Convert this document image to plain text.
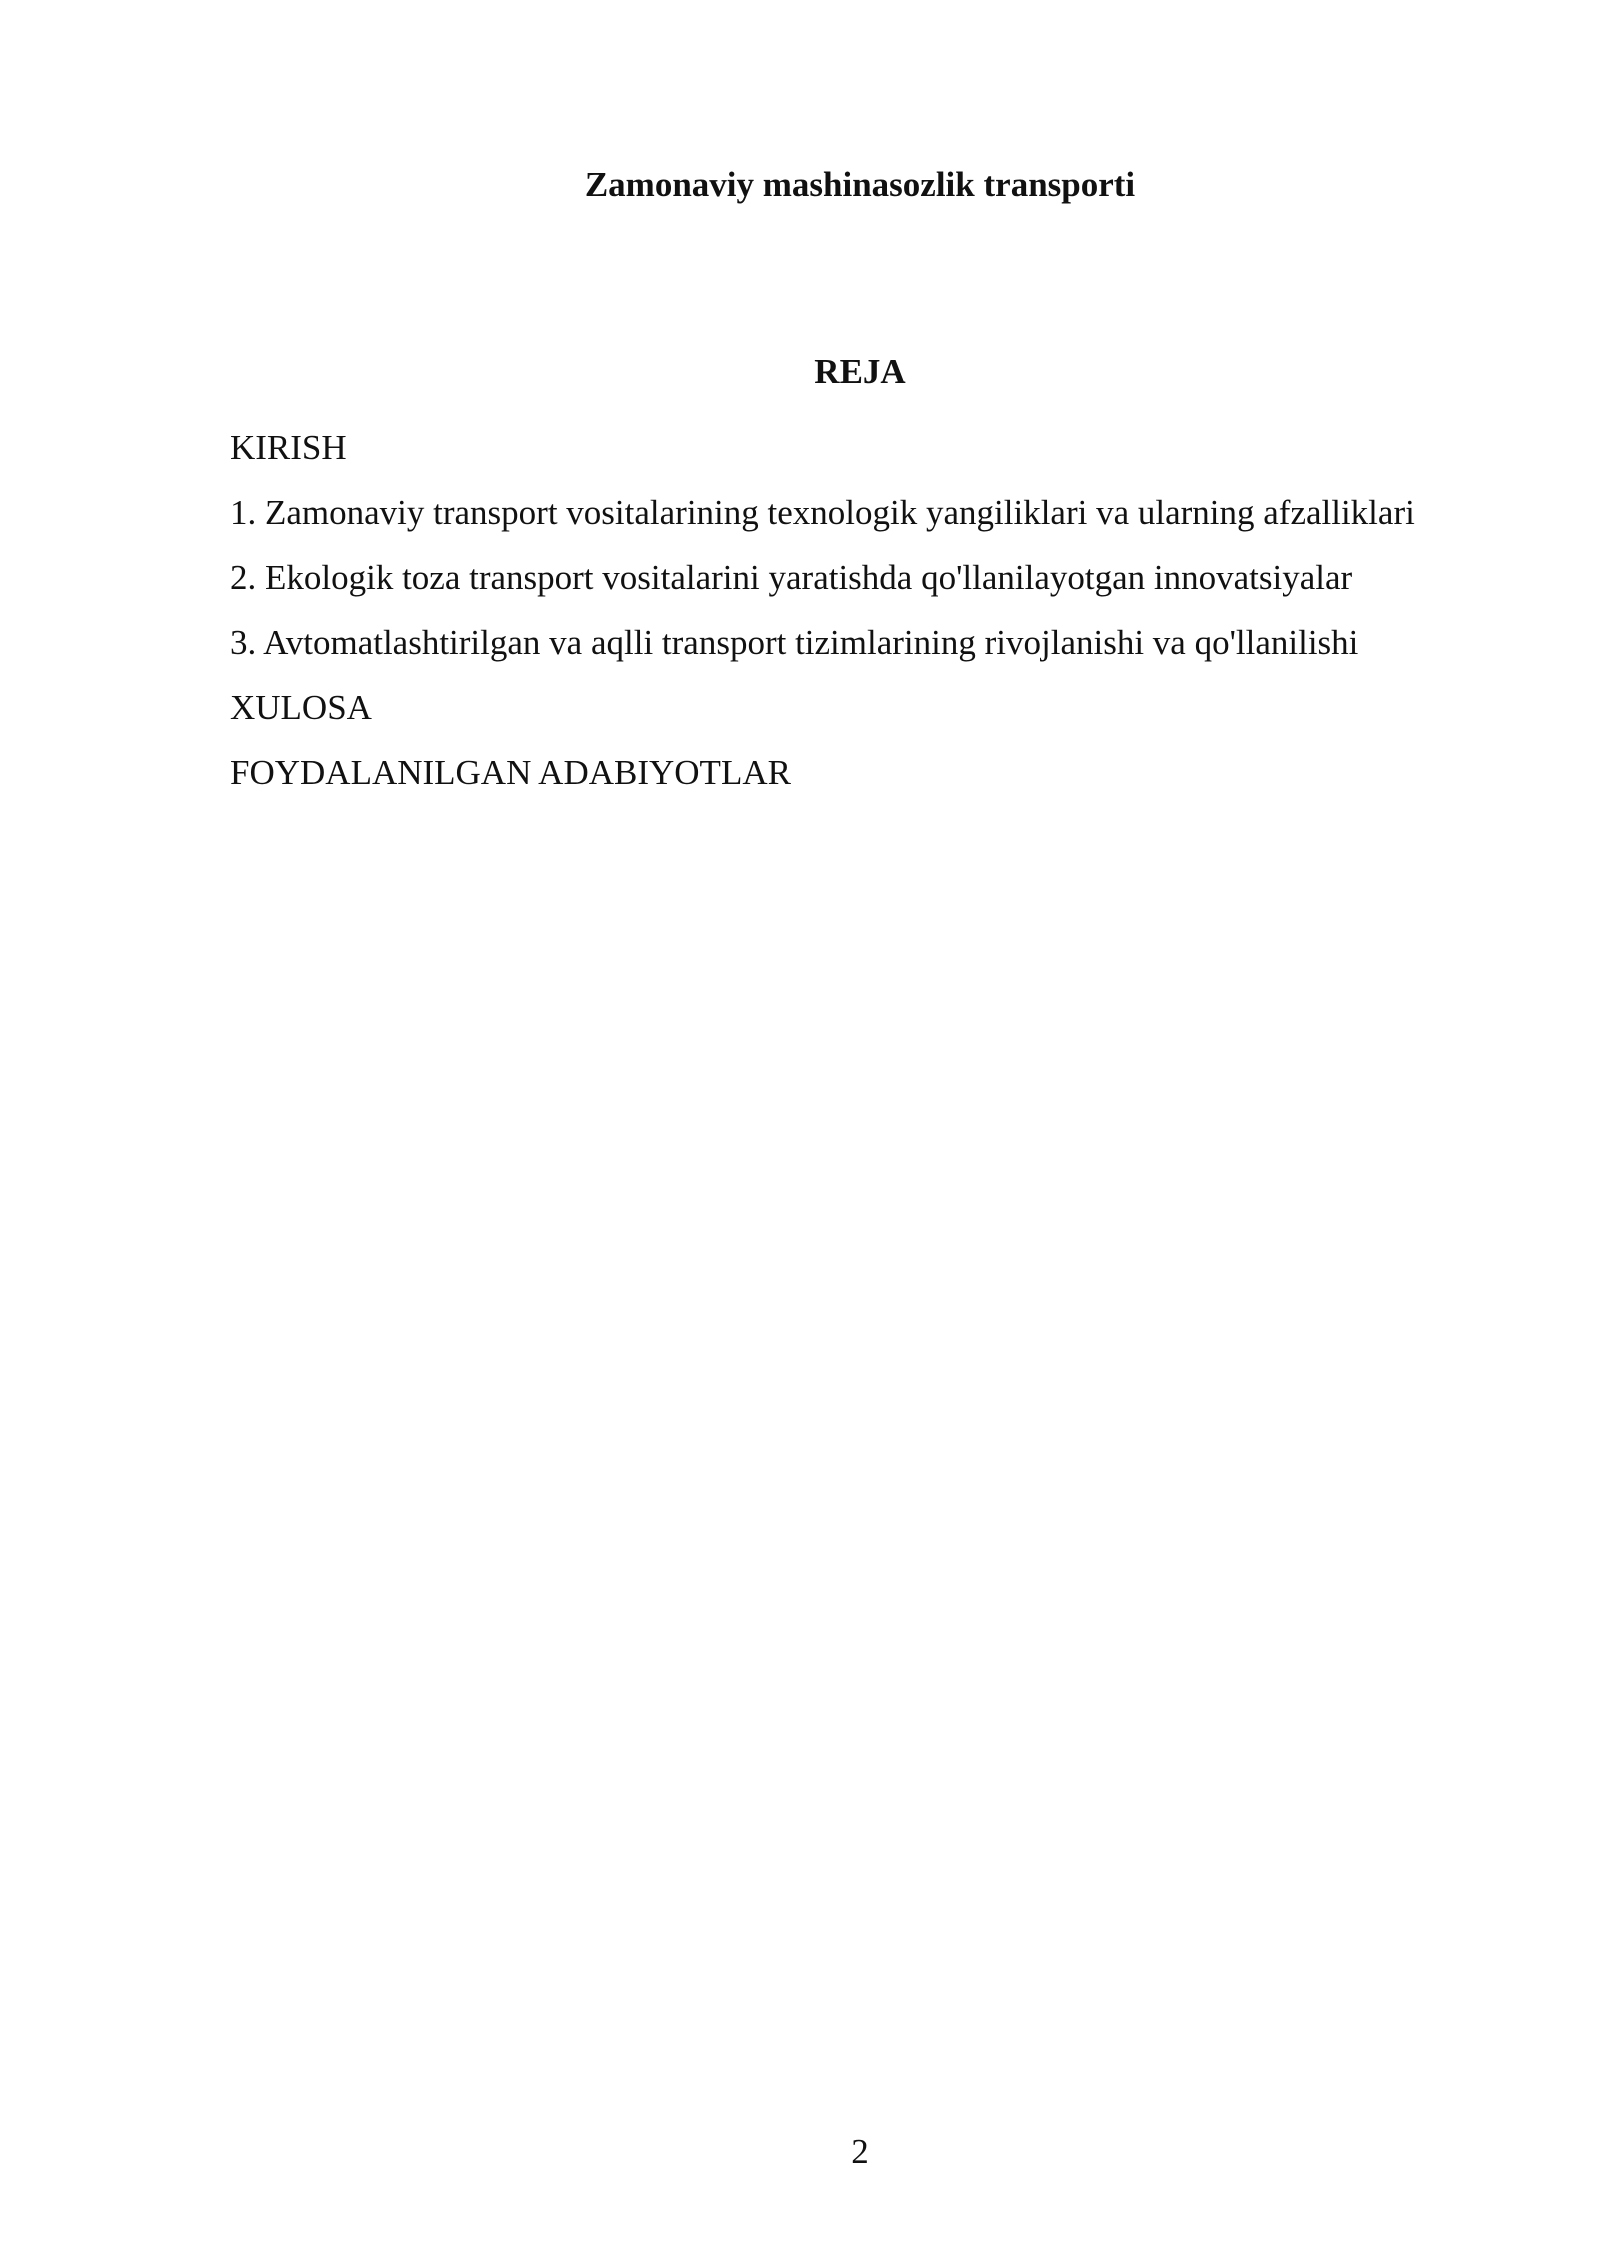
Zamonaviy mashinasozlik transporti
REJA
KIRISH
1. Zamonaviy transport vositalarining texnologik yangiliklari va ularning afzalliklari
2. Ekologik toza transport vositalarini yaratishda qo'llanilayotgan innovatsiyalar
3. Avtomatlashtirilgan va aqlli transport tizimlarining rivojlanishi va qo'llanilishi
XULOSA
FOYDALANILGAN ADABIYOTLAR
2
